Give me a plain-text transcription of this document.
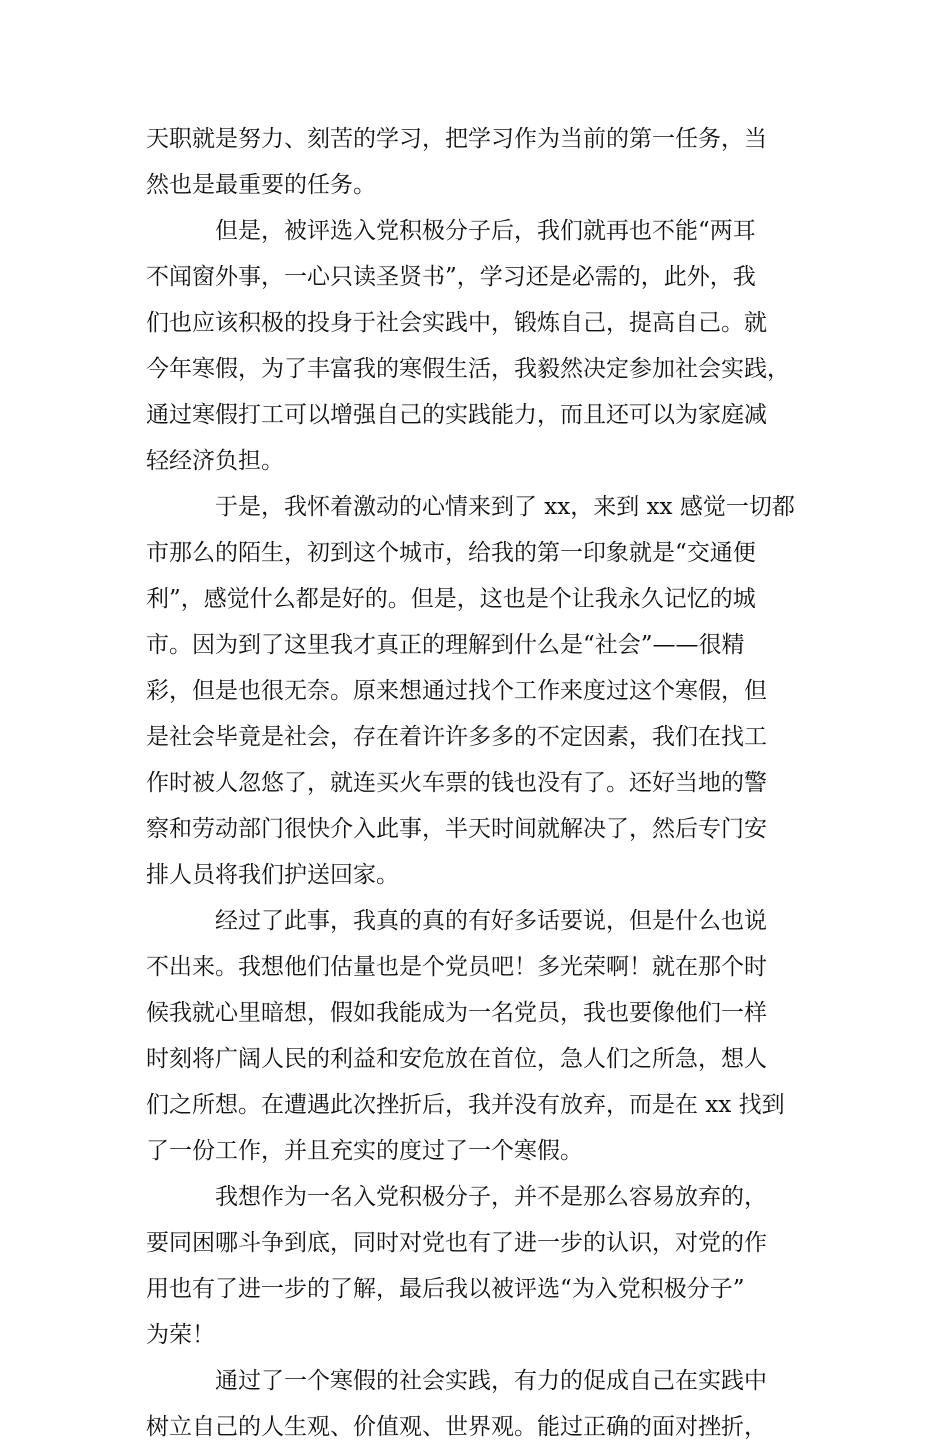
天职就是努力、刻苦的学习，把学习作为当前的第一任务，当
然也是最重要的任务。
但是，被评选入党积极分子后，我们就再也不能“两耳
不闻窗外事，一心只读圣贤书”，学习还是必需的，此外，我
们也应该积极的投身于社会实践中，锻炼自己，提高自己。就
今年寒假，为了丰富我的寒假生活，我毅然决定参加社会实践，
通过寒假打工可以增强自己的实践能力，而且还可以为家庭减
轻经济负担。
于是，我怀着激动的心情来到了 xx，来到 xx 感觉一切都
市那么的陌生，初到这个城市，给我的第一印象就是“交通便
利”，感觉什么都是好的。但是，这也是个让我永久记忆的城
市。因为到了这里我才真正的理解到什么是“社会”——很精
彩，但是也很无奈。原来想通过找个工作来度过这个寒假，但
是社会毕竟是社会，存在着许许多多的不定因素，我们在找工
作时被人忽悠了，就连买火车票的钱也没有了。还好当地的警
察和劳动部门很快介入此事，半天时间就解决了，然后专门安
排人员将我们护送回家。
经过了此事，我真的真的有好多话要说，但是什么也说
不出来。我想他们估量也是个党员吧！多光荣啊！就在那个时
候我就心里暗想，假如我能成为一名党员，我也要像他们一样
时刻将广阔人民的利益和安危放在首位，急人们之所急，想人
们之所想。在遭遇此次挫折后，我并没有放弃，而是在 xx 找到
了一份工作，并且充实的度过了一个寒假。
我想作为一名入党积极分子，并不是那么容易放弃的，
要同困哪斗争到底，同时对党也有了进一步的认识，对党的作
用也有了进一步的了解，最后我以被评选“为入党积极分子”
为荣！
通过了一个寒假的社会实践，有力的促成自己在实践中
树立自己的人生观、价值观、世界观。能过正确的面对挫折，
